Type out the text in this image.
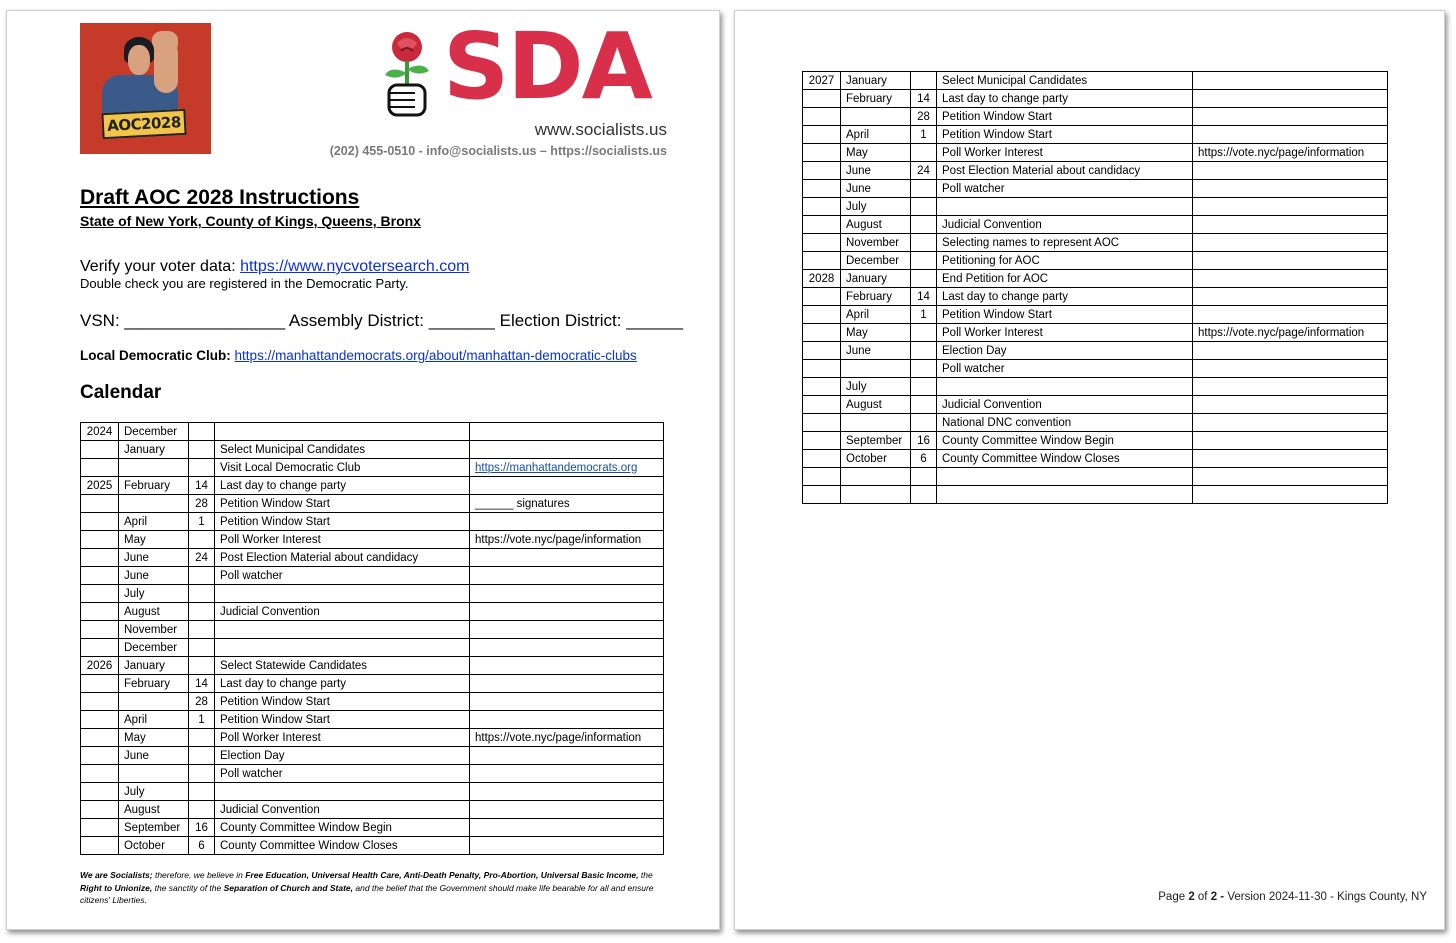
AOC2028
SDA
www.socialists.us
(202) 455-0510 - info@socialists.us – https://socialists.us
Draft AOC 2028 Instructions
State of New York, County of Kings, Queens, Bronx
Verify your voter data: https://www.nycvotersearch.com
Double check you are registered in the Democratic Party.
VSN: _________________ Assembly District: _______ Election District: ______
Local Democratic Club: https://manhattandemocrats.org/about/manhattan-democratic-clubs
Calendar
2024	December			
	January		Select Municipal Candidates	
			Visit Local Democratic Club	https://manhattandemocrats.org
2025	February	14	Last day to change party	
		28	Petition Window Start	______ signatures
	April	1	Petition Window Start	
	May		Poll Worker Interest	https://vote.nyc/page/information
	June	24	Post Election Material about candidacy	
	June		Poll watcher	
	July			
	August		Judicial Convention	
	November			
	December			
2026	January		Select Statewide Candidates	
	February	14	Last day to change party	
		28	Petition Window Start	
	April	1	Petition Window Start	
	May		Poll Worker Interest	https://vote.nyc/page/information
	June		Election Day	
			Poll watcher	
	July			
	August		Judicial Convention	
	September	16	County Committee Window Begin	
	October	6	County Committee Window Closes	
We are Socialists; therefore, we believe in Free Education, Universal Health Care, Anti-Death Penalty, Pro-Abortion, Universal Basic Income, the Right to Unionize, the sanctity of the Separation of Church and State, and the belief that the Government should make life bearable for all and ensure citizens' Liberties.
2027	January		Select Municipal Candidates	
	February	14	Last day to change party	
		28	Petition Window Start	
	April	1	Petition Window Start	
	May		Poll Worker Interest	https://vote.nyc/page/information
	June	24	Post Election Material about candidacy	
	June		Poll watcher	
	July			
	August		Judicial Convention	
	November		Selecting names to represent AOC	
	December		Petitioning for AOC	
2028	January		End Petition for AOC	
	February	14	Last day to change party	
	April	1	Petition Window Start	
	May		Poll Worker Interest	https://vote.nyc/page/information
	June		Election Day	
			Poll watcher	
	July			
	August		Judicial Convention	
			National DNC convention	
	September	16	County Committee Window Begin	
	October	6	County Committee Window Closes	

Page 2 of 2 - Version 2024-11-30 - Kings County, NY
